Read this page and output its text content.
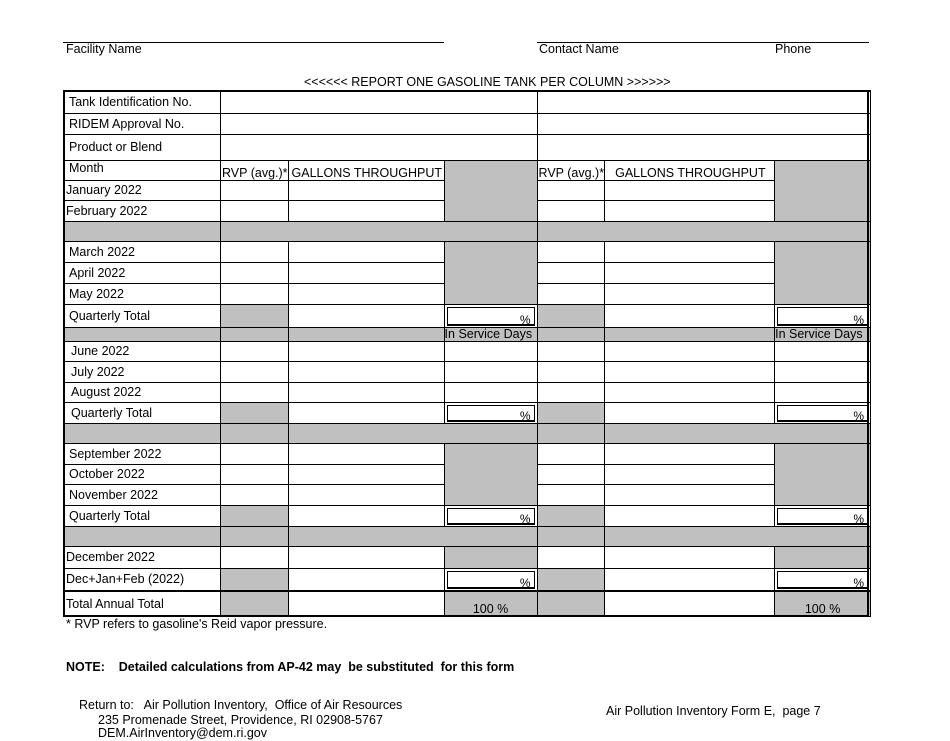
Facility Name	Contact Name	Phone
<<<<<< REPORT ONE GASOLINE TANK PER COLUMN >>>>>>
Tank Identification No.						
RIDEM Approval No.						
Product or Blend						
Month	RVP (avg.)*	GALLONS THROUGHPUT		RVP (avg.)*	GALLONS THROUGHPUT	
January 2022						
February 2022						

March 2022						
April 2022						
May 2022						
Quarterly Total			%			%

			In Service Days			In Service Days
June 2022						
July 2022						
August 2022						
Quarterly Total			%			%

September 2022						
October 2022						
November 2022						
Quarterly Total			%			%

December 2022						
Dec+Jan+Feb (2022)			%			%

Total Annual Total			100 %			100 %
* RVP refers to gasoline's Reid vapor pressure.
NOTE:    Detailed calculations from AP-42 may  be substituted  for this form
Return to:   Air Pollution Inventory,  Office of Air Resources
235 Promenade Street, Providence, RI 02908-5767
DEM.AirInventory@dem.ri.gov
Air Pollution Inventory Form E,  page 7
